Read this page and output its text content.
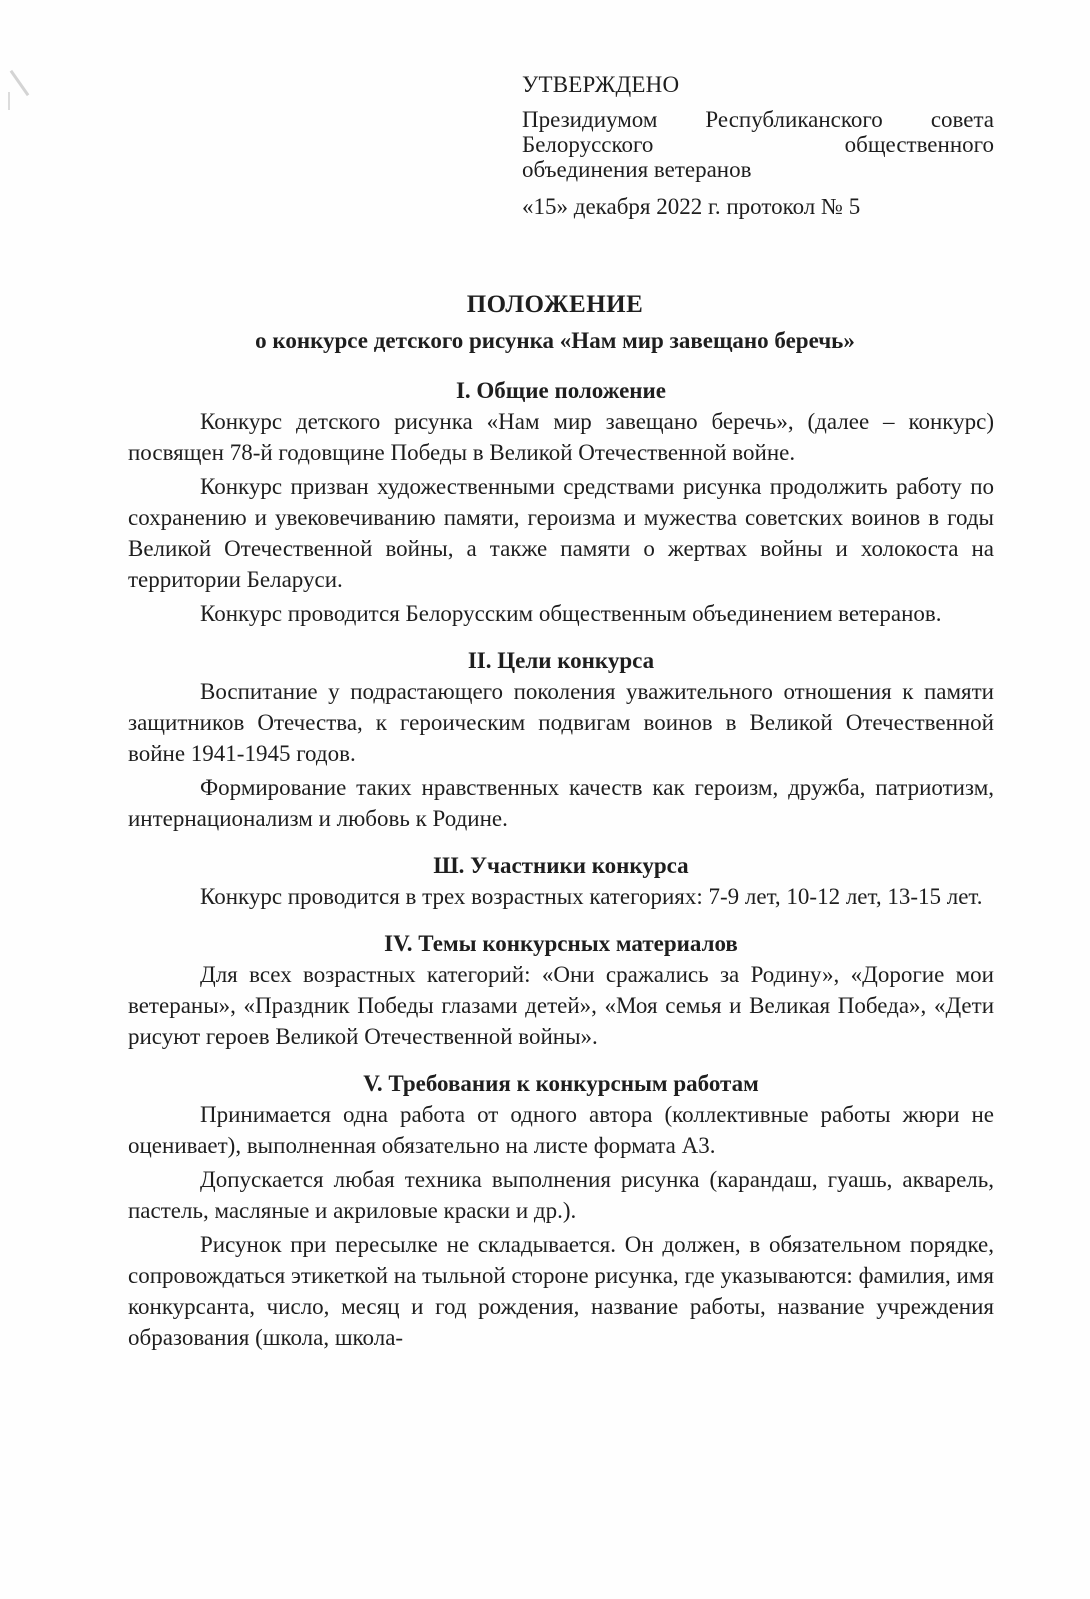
УТВЕРЖДЕНО
Президиумом Республиканского совета
Белорусского общественного
объединения ветеранов
«15» декабря 2022 г. протокол № 5
ПОЛОЖЕНИЕ
о конкурсе детского рисунка «Нам мир завещано беречь»
I. Общие положение

Конкурс детского рисунка «Нам мир завещано беречь», (далее – конкурс) посвящен 78-й годовщине Победы в Великой Отечественной войне.

Конкурс призван художественными средствами рисунка продолжить работу по сохранению и увековечиванию памяти, героизма и мужества советских воинов в годы Великой Отечественной войны, а также памяти о жертвах войны и холокоста на территории Беларуси.

Конкурс проводится Белорусским общественным объединением ветеранов.

II. Цели конкурса

Воспитание у подрастающего поколения уважительного отношения к памяти защитников Отечества, к героическим подвигам воинов в Великой Отечественной войне 1941-1945 годов.

Формирование таких нравственных качеств как героизм, дружба, патриотизм, интернационализм и любовь к Родине.

Ш. Участники конкурса

Конкурс проводится в трех возрастных категориях: 7-9 лет, 10-12 лет, 13-15 лет.

IV. Темы конкурсных материалов

Для всех возрастных категорий: «Они сражались за Родину», «Дорогие мои ветераны», «Праздник Победы глазами детей», «Моя семья и Великая Победа», «Дети рисуют героев Великой Отечественной войны».

V. Требования к конкурсным работам

Принимается одна работа от одного автора (коллективные работы жюри не оценивает), выполненная обязательно на листе формата А3.

Допускается любая техника выполнения рисунка (карандаш, гуашь, акварель, пастель, масляные и акриловые краски и др.).

Рисунок при пересылке не складывается. Он должен, в обязательном порядке, сопровождаться этикеткой на тыльной стороне рисунка, где указываются: фамилия, имя конкурсанта, число, месяц и год рождения, название работы, название учреждения образования (школа, школа-
